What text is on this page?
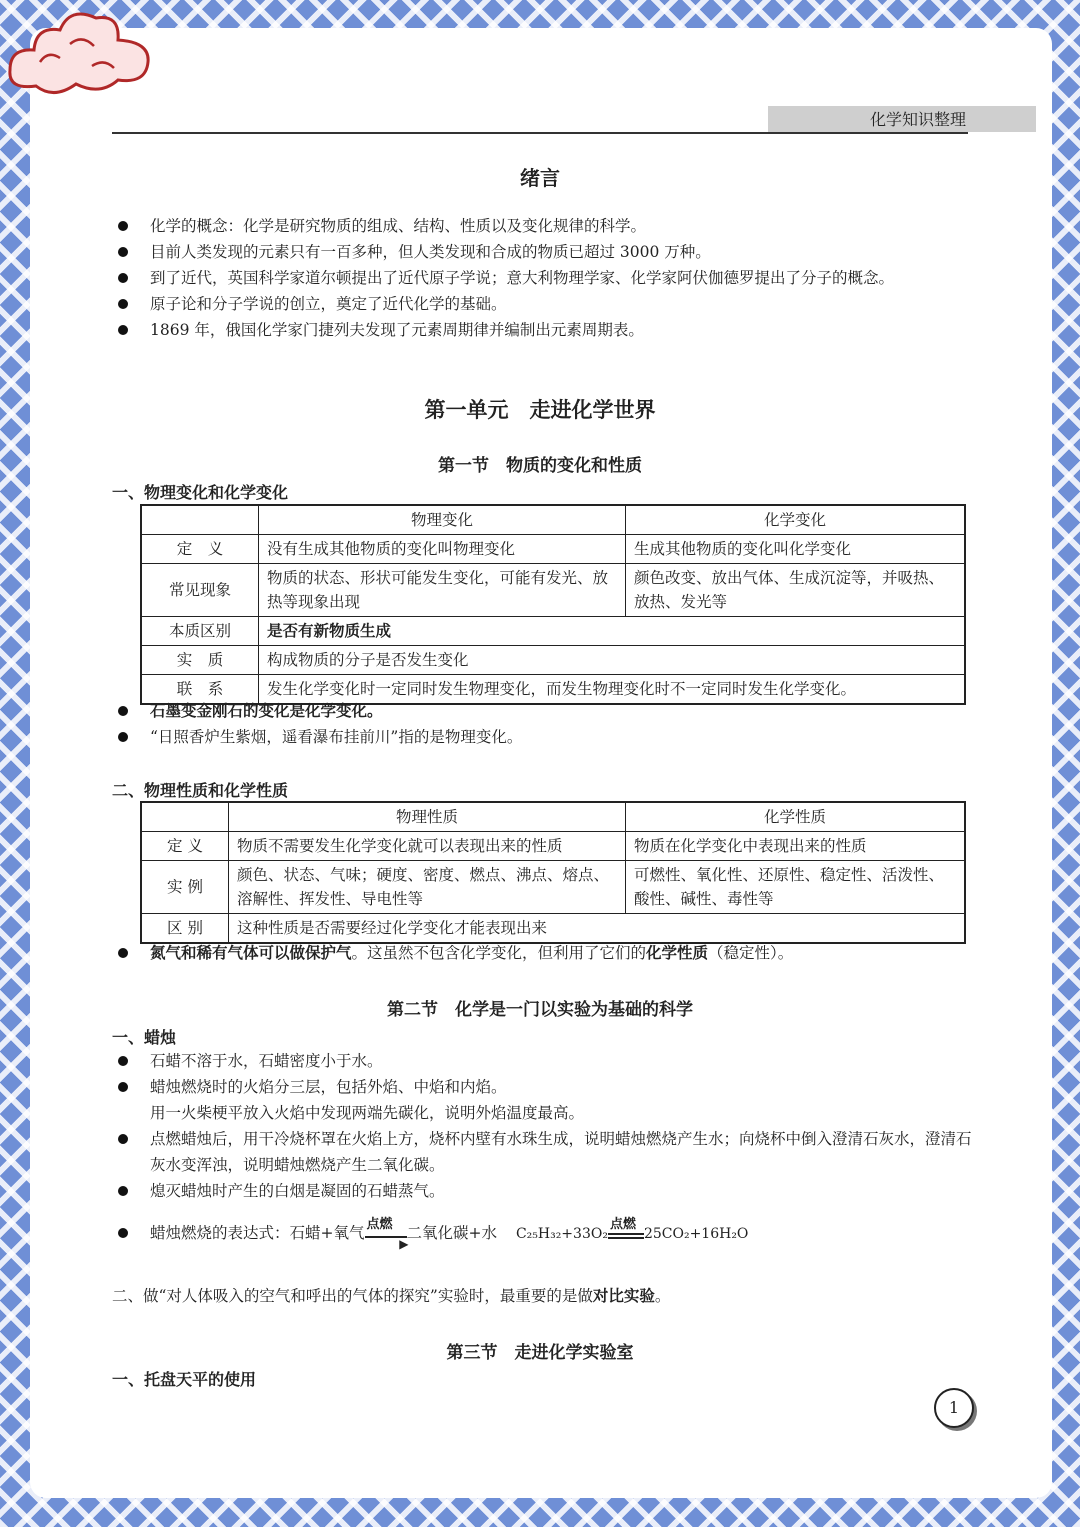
化学知识整理
绪言
化学的概念：化学是研究物质的组成、结构、性质以及变化规律的科学。
目前人类发现的元素只有一百多种，但人类发现和合成的物质已超过 3000 万种。
到了近代，英国科学家道尔顿提出了近代原子学说；意大利物理学家、化学家阿伏伽德罗提出了分子的概念。
原子论和分子学说的创立，奠定了近代化学的基础。
1869 年，俄国化学家门捷列夫发现了元素周期律并编制出元素周期表。
第一单元　走进化学世界
第一节　物质的变化和性质
一、物理变化和化学变化
	物理变化	化学变化
定　义	没有生成其他物质的变化叫物理变化	生成其他物质的变化叫化学变化
常见现象	物质的状态、形状可能发生变化，可能有发光、放热等现象出现	颜色改变、放出气体、生成沉淀等，并吸热、放热、发光等
本质区别	是否有新物质生成	
实　质	构成物质的分子是否发生变化	
联　系	发生化学变化时一定同时发生物理变化，而发生物理变化时不一定同时发生化学变化。	
石墨变金刚石的变化是化学变化。
“日照香炉生紫烟，遥看瀑布挂前川”指的是物理变化。
二、物理性质和化学性质
	物理性质	化学性质
定 义	物质不需要发生化学变化就可以表现出来的性质	物质在化学变化中表现出来的性质
实 例	颜色、状态、气味；硬度、密度、燃点、沸点、熔点、溶解性、挥发性、导电性等	可燃性、氧化性、还原性、稳定性、活泼性、酸性、碱性、毒性等
区 别	这种性质是否需要经过化学变化才能表现出来	
氮气和稀有气体可以做保护气。这虽然不包含化学变化，但利用了它们的化学性质（稳定性）。
第二节　化学是一门以实验为基础的科学
一、蜡烛
石蜡不溶于水，石蜡密度小于水。
蜡烛燃烧时的火焰分三层，包括外焰、中焰和内焰。
用一火柴梗平放入火焰中发现两端先碳化，说明外焰温度最高。
点燃蜡烛后，用干冷烧杯罩在火焰上方，烧杯内壁有水珠生成，说明蜡烛燃烧产生水；向烧杯中倒入澄清石灰水，澄清石灰水变浑浊，说明蜡烛燃烧产生二氧化碳。
熄灭蜡烛时产生的白烟是凝固的石蜡蒸气。
蜡烛燃烧的表达式：石蜡+氧气 点燃
▶
二氧化碳+水 C₂₅H₃₂+33O₂
点燃
25CO₂+16H₂O
二、做“对人体吸入的空气和呼出的气体的探究”实验时，最重要的是做对比实验。
第三节　走进化学实验室
一、托盘天平的使用
1
